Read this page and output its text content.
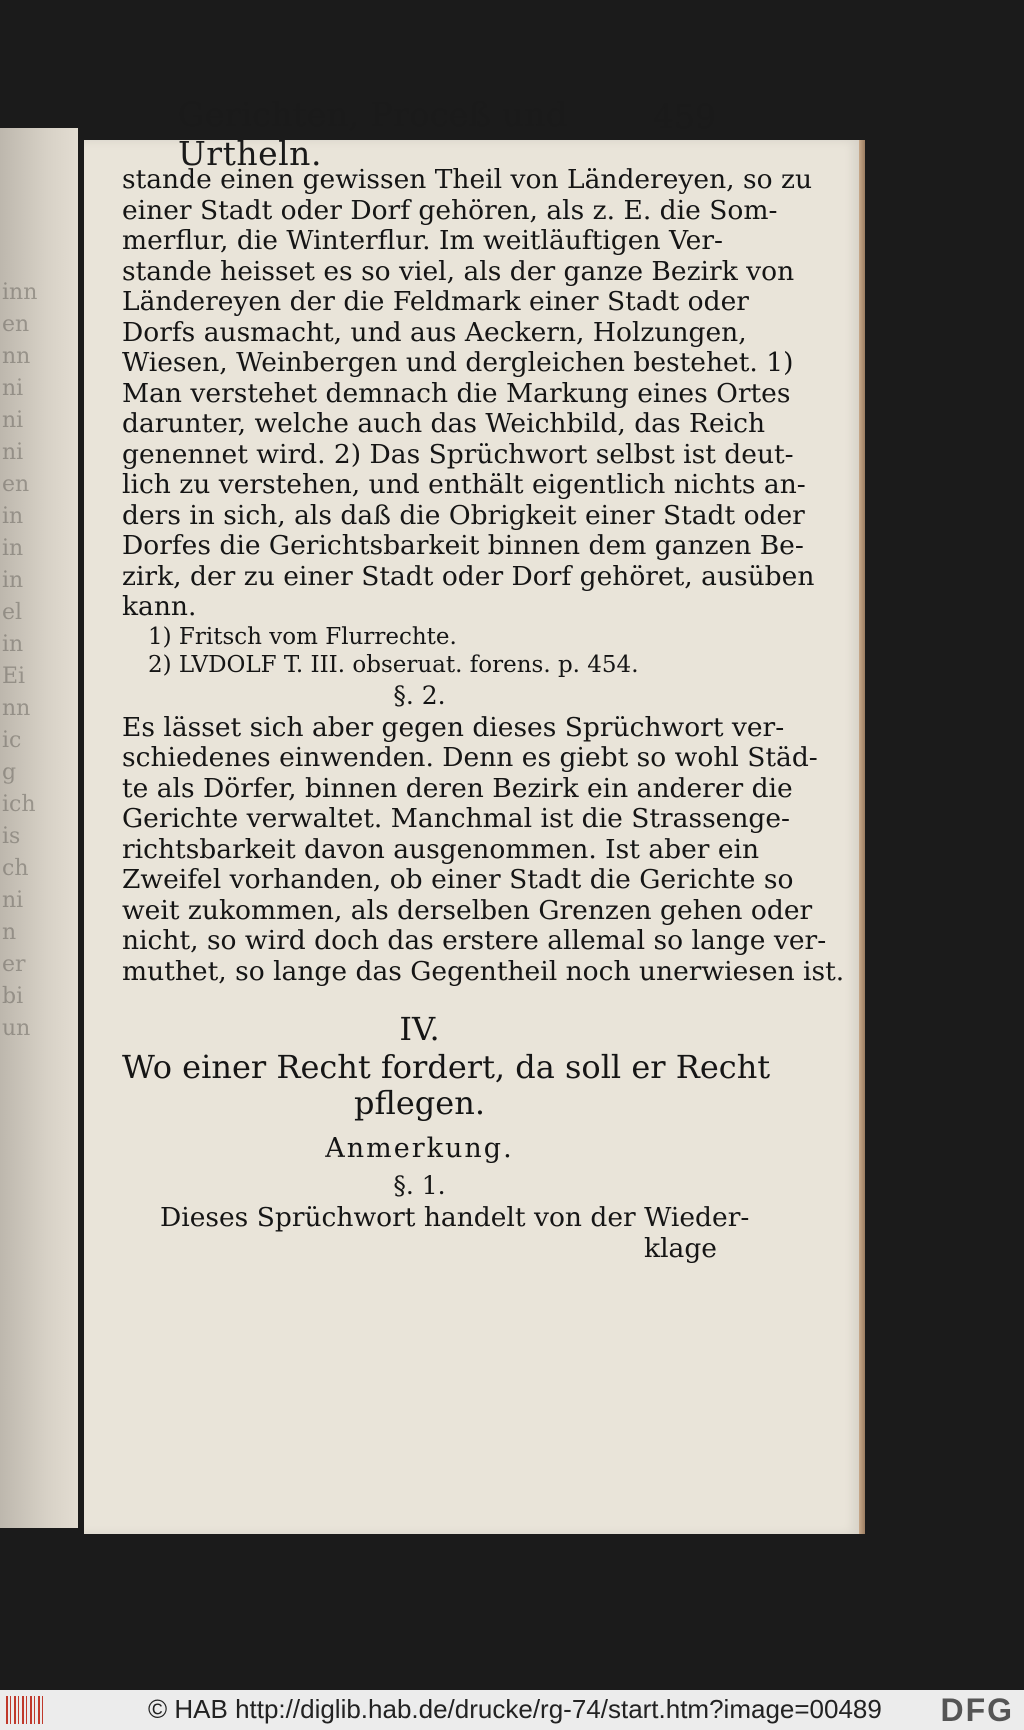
inn
en
nn
ni
ni
ni
en
in
in
in
el
in
Ei
nn
ic
g
ich
is
ch
ni
n
er
bi
un
Gerichten, Proceß und Urtheln.
459
stande einen gewissen Theil von Ländereyen, so zu
einer Stadt oder Dorf gehören, als z. E. die Som-
merflur, die Winterflur. Im weitläuftigen Ver-
stande heisset es so viel, als der ganze Bezirk von
Ländereyen der die Feldmark einer Stadt oder
Dorfs ausmacht, und aus Aeckern, Holzungen,
Wiesen, Weinbergen und dergleichen bestehet. 1)
Man verstehet demnach die Markung eines Ortes
darunter, welche auch das Weichbild, das Reich
genennet wird. 2) Das Sprüchwort selbst ist deut-
lich zu verstehen, und enthält eigentlich nichts an-
ders in sich, als daß die Obrigkeit einer Stadt oder
Dorfes die Gerichtsbarkeit binnen dem ganzen Be-
zirk, der zu einer Stadt oder Dorf gehöret, ausüben
kann.
1) Fritsch vom Flurrechte.
2) LVDOLF T. III. obseruat. forens. p. 454.
§. 2.
Es lässet sich aber gegen dieses Sprüchwort ver-
schiedenes einwenden. Denn es giebt so wohl Städ-
te als Dörfer, binnen deren Bezirk ein anderer die
Gerichte verwaltet. Manchmal ist die Strassenge-
richtsbarkeit davon ausgenommen. Ist aber ein
Zweifel vorhanden, ob einer Stadt die Gerichte so
weit zukommen, als derselben Grenzen gehen oder
nicht, so wird doch das erstere allemal so lange ver-
muthet, so lange das Gegentheil noch unerwiesen ist.
IV.
Wo einer Recht fordert, da soll er Recht
pflegen.
Anmerkung.
§. 1.
Dieses Sprüchwort handelt von der Wieder-
klage
© HAB http://diglib.hab.de/drucke/rg-74/start.htm?image=00489 DFG
